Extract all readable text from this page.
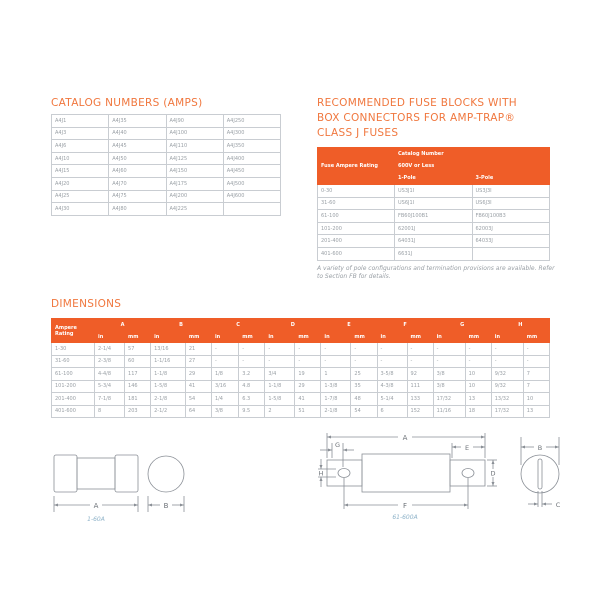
CATALOG NUMBERS (AMPS)
A4J1	A4J35	A4J90	A4J250
A4J3	A4J40	A4J100	A4J300
A4J6	A4J45	A4J110	A4J350
A4J10	A4J50	A4J125	A4J400
A4J15	A4J60	A4J150	A4J450
A4J20	A4J70	A4J175	A4J500
A4J25	A4J75	A4J200	A4J600
A4J30	A4J80	A4J225	
RECOMMENDED FUSE BLOCKS WITH
BOX CONNECTORS FOR AMP-TRAP®
CLASS J FUSES
Fuse Ampere Rating	Catalog Number	
	600V or Less	
	1-Pole	3-Pole
0-30	US3J1I	US3J3I
31-60	US6J1I	US6J3I
61-100	FB60J100B1	FB60J100B3
101-200	62001J	62003J
201-400	64031J	64033J
401-600	6631J	
A variety of pole configurations and termination provisions are available. Refer to Section FB for details.
DIMENSIONS
Ampere
Rating	A		B		C		D		E		F		G		H	
	in	mm	in	mm	in	mm	in	mm	in	mm	in	mm	in	mm	in	mm
1-30	2-1/4	57	13/16	21	-	-	-	-	-	-	-	-	-	-	-	-
31-60	2-3/8	60	1-1/16	27	-	-	-	-	-	-	-	-	-	-	-	-
61-100	4-4/8	117	1-1/8	29	1/8	3.2	3/4	19	1	25	3-5/8	92	3/8	10	9/32	7
101-200	5-3/4	146	1-5/8	41	3/16	4.8	1-1/8	29	1-3/8	35	4-3/8	111	3/8	10	9/32	7
201-400	7-1/8	181	2-1/8	54	1/4	6.3	1-5/8	41	1-7/8	48	5-1/4	133	17/32	13	13/32	10
401-600	8	203	2-1/2	64	3/8	9.5	2	51	2-1/8	54	6	152	11/16	18	17/32	13
A	B
1-60A
A
G	E
H	D
F
B
C
61-600A
